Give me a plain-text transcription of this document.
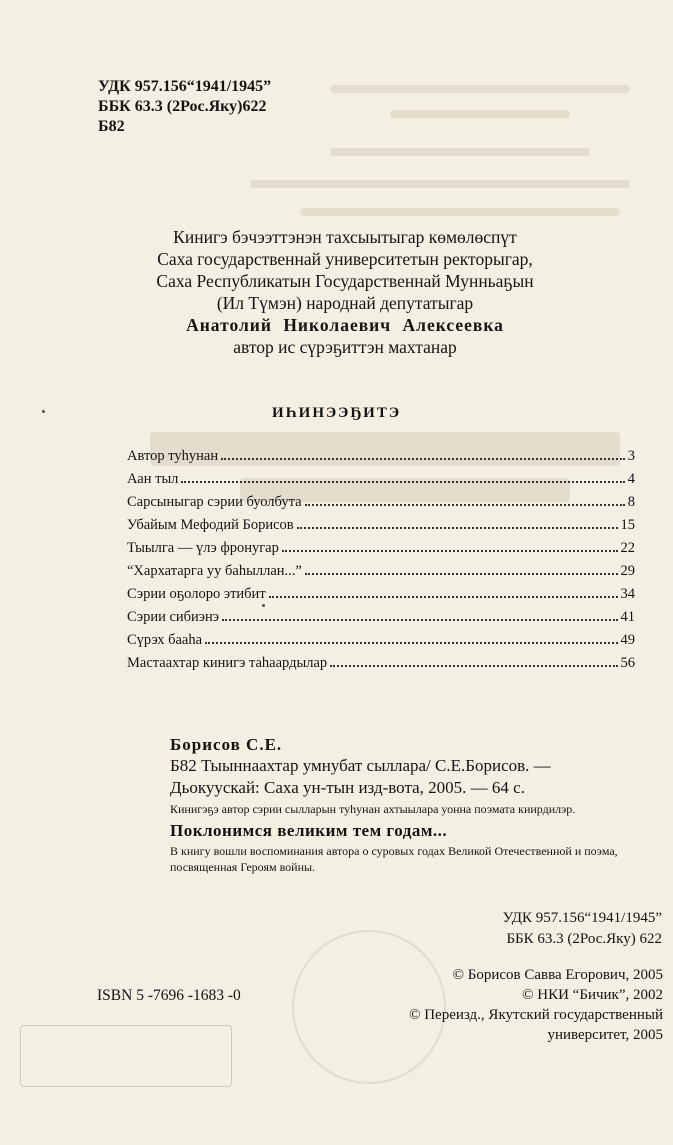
УДК 957.156“1941/1945”
ББК 63.3 (2Рос.Яку)622
Б82
Кинигэ бэчээттэнэн тахсыытыгар көмөлөспүт
Саха государственнай университетын ректорыгар,
Саха Республикатын Государственнай Мунньаҕын
(Ил Түмэн) народнай депутатыгар
Анатолий Николаевич Алексеевка
автор ис сүрэҕиттэн махтанар
ИҺИНЭЭҔИТЭ
Автор туһунан	3
Аан тыл	4
Сарсыныгар сэрии буолбута	8
Убайым Мефодий Борисов	15
Тыылга — үлэ фронугар	22
“Хархатарга уу баһыллан...”	29
Сэрии оҕолоро этибит	34
Сэрии сибиэнэ	41
Сүрэх бааһа	49
Мастаахтар кинигэ таһаардылар	56
Борисов С.Е.
Б82 Тыыннаахтар умнубат сыллара/ С.Е.Борисов. —
Дьокуускай: Саха ун-тын изд-вота, 2005. — 64 с.
Кинигэҕэ автор сэрии сылларын туһунан ахтыылара уонна поэмата киирдилэр.
Поклонимся великим тем годам...
В книгу вошли воспоминания автора о суровых годах Великой Отечественной и поэма, посвященная Героям войны.
УДК 957.156“1941/1945”
ББК 63.3 (2Рос.Яку) 622
ISBN 5 -7696 -1683 -0
© Борисов Савва Егорович, 2005
© НКИ “Бичик”, 2002
© Переизд., Якутский государственный
университет, 2005
